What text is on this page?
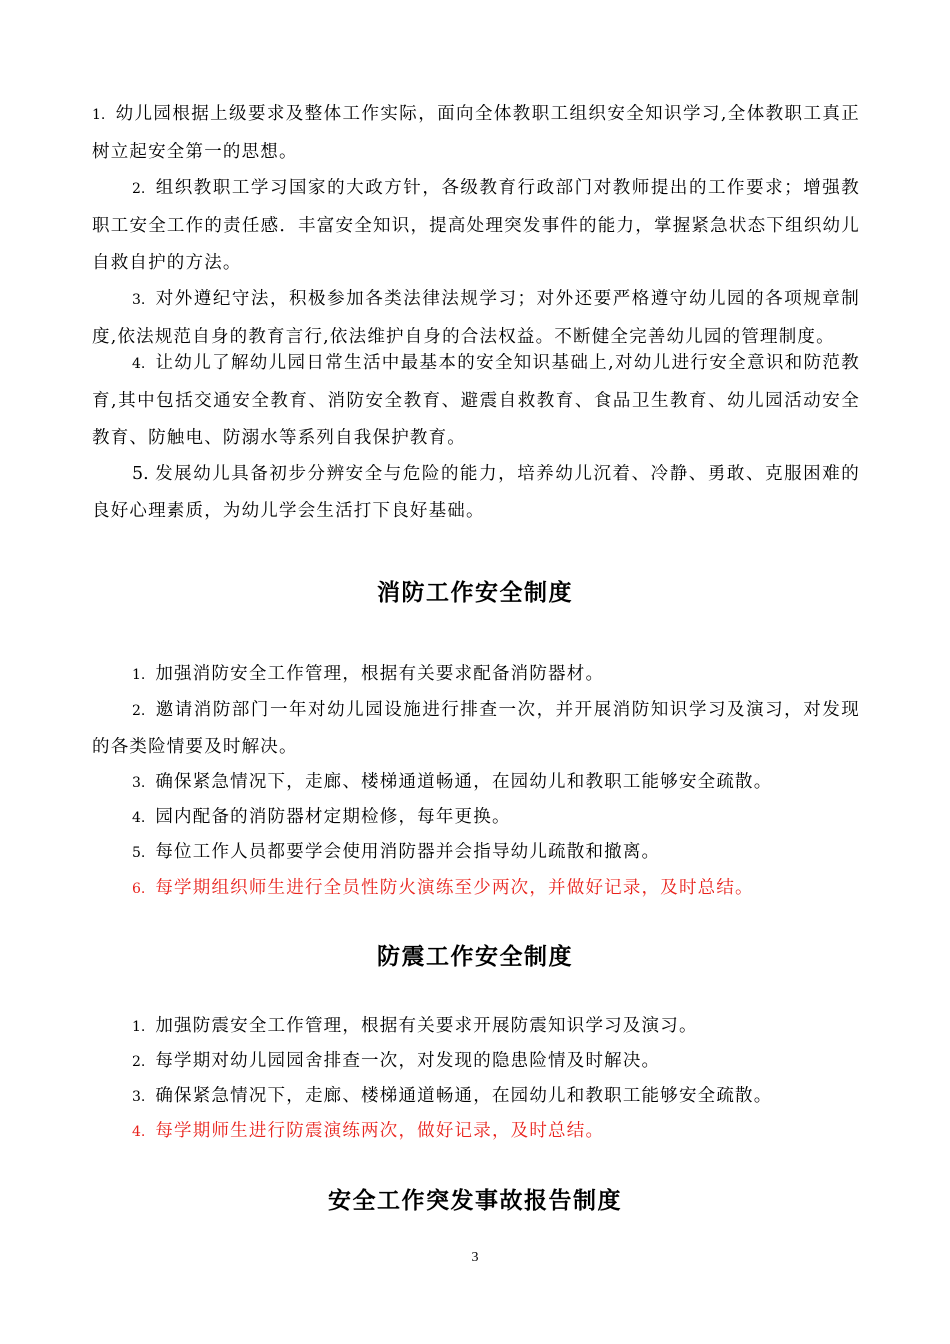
1. 幼儿园根据上级要求及整体工作实际，面向全体教职工组织安全知识学习,全体教职工真正树立起安全第一的思想。

2. 组织教职工学习国家的大政方针，各级教育行政部门对教师提出的工作要求；增强教职工安全工作的责任感．丰富安全知识，提高处理突发事件的能力，掌握紧急状态下组织幼儿自救自护的方法。

3. 对外遵纪守法，积极参加各类法律法规学习；对外还要严格遵守幼儿园的各项规章制度,依法规范自身的教育言行,依法维护自身的合法权益。不断健全完善幼儿园的管理制度。

4. 让幼儿了解幼儿园日常生活中最基本的安全知识基础上,对幼儿进行安全意识和防范教育,其中包括交通安全教育、消防安全教育、避震自救教育、食品卫生教育、幼儿园活动安全教育、防触电、防溺水等系列自我保护教育。

5. 发展幼儿具备初步分辨安全与危险的能力，培养幼儿沉着、冷静、勇敢、克服困难的良好心理素质，为幼儿学会生活打下良好基础。

消防工作安全制度

1. 加强消防安全工作管理，根据有关要求配备消防器材。

2. 邀请消防部门一年对幼儿园设施进行排查一次，并开展消防知识学习及演习，对发现的各类险情要及时解决。

3. 确保紧急情况下，走廊、楼梯通道畅通，在园幼儿和教职工能够安全疏散。

4. 园内配备的消防器材定期检修，每年更换。

5. 每位工作人员都要学会使用消防器并会指导幼儿疏散和撤离。

6. 每学期组织师生进行全员性防火演练至少两次，并做好记录，及时总结。

防震工作安全制度

1. 加强防震安全工作管理，根据有关要求开展防震知识学习及演习。

2. 每学期对幼儿园园舍排查一次，对发现的隐患险情及时解决。

3. 确保紧急情况下，走廊、楼梯通道畅通，在园幼儿和教职工能够安全疏散。

4. 每学期师生进行防震演练两次，做好记录，及时总结。

安全工作突发事故报告制度
3
